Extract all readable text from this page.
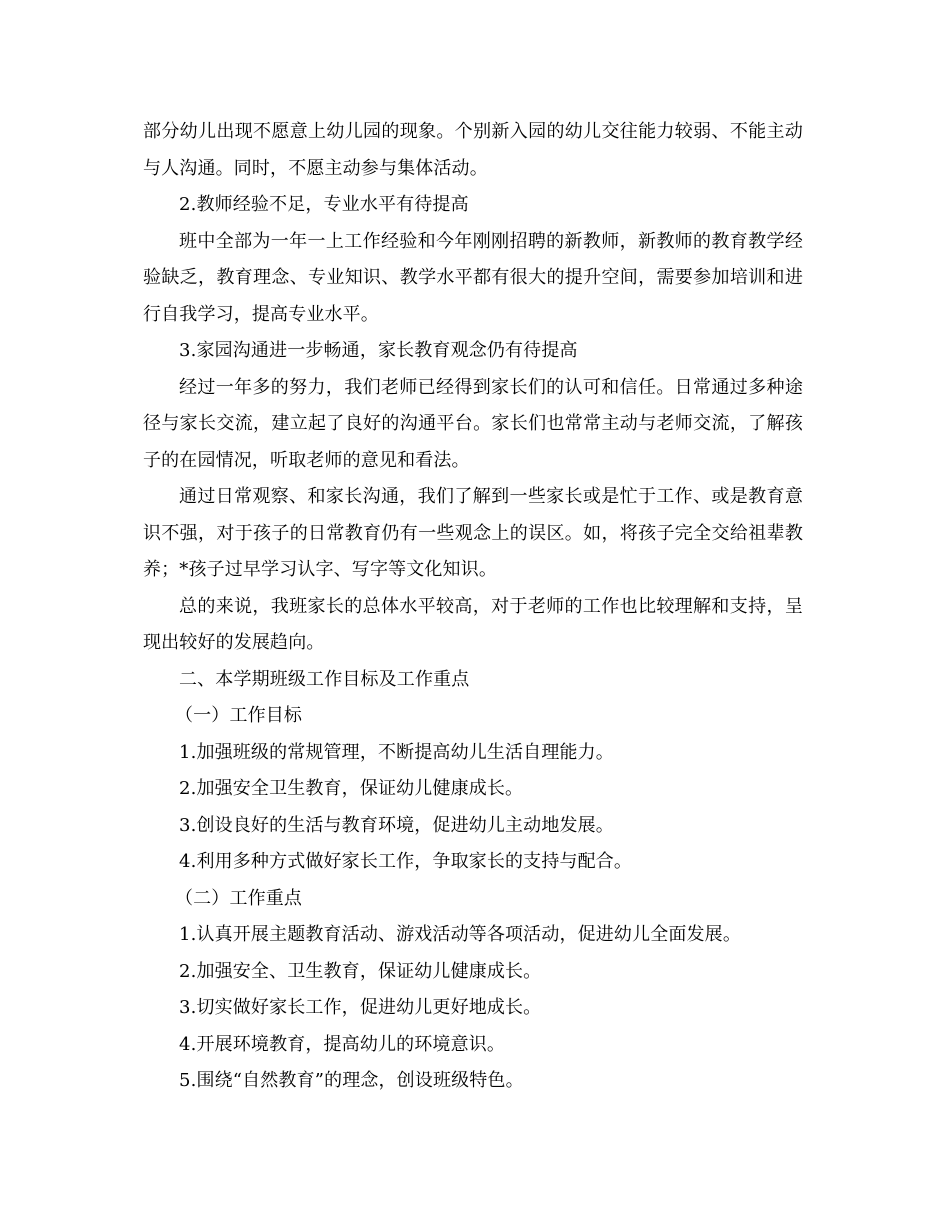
部分幼儿出现不愿意上幼儿园的现象。个别新入园的幼儿交往能力较弱、不能主动与人沟通。同时，不愿主动参与集体活动。

2.教师经验不足，专业水平有待提高

班中全部为一年一上工作经验和今年刚刚招聘的新教师，新教师的教育教学经验缺乏，教育理念、专业知识、教学水平都有很大的提升空间，需要参加培训和进行自我学习，提高专业水平。

3.家园沟通进一步畅通，家长教育观念仍有待提高

经过一年多的努力，我们老师已经得到家长们的认可和信任。日常通过多种途径与家长交流，建立起了良好的沟通平台。家长们也常常主动与老师交流，了解孩子的在园情况，听取老师的意见和看法。

通过日常观察、和家长沟通，我们了解到一些家长或是忙于工作、或是教育意识不强，对于孩子的日常教育仍有一些观念上的误区。如，将孩子完全交给祖辈教养；*孩子过早学习认字、写字等文化知识。

总的来说，我班家长的总体水平较高，对于老师的工作也比较理解和支持，呈现出较好的发展趋向。

二、本学期班级工作目标及工作重点

（一）工作目标

1.加强班级的常规管理，不断提高幼儿生活自理能力。

2.加强安全卫生教育，保证幼儿健康成长。

3.创设良好的生活与教育环境，促进幼儿主动地发展。

4.利用多种方式做好家长工作，争取家长的支持与配合。

（二）工作重点

1.认真开展主题教育活动、游戏活动等各项活动，促进幼儿全面发展。

2.加强安全、卫生教育，保证幼儿健康成长。

3.切实做好家长工作，促进幼儿更好地成长。

4.开展环境教育，提高幼儿的环境意识。

5.围绕“自然教育”的理念，创设班级特色。
